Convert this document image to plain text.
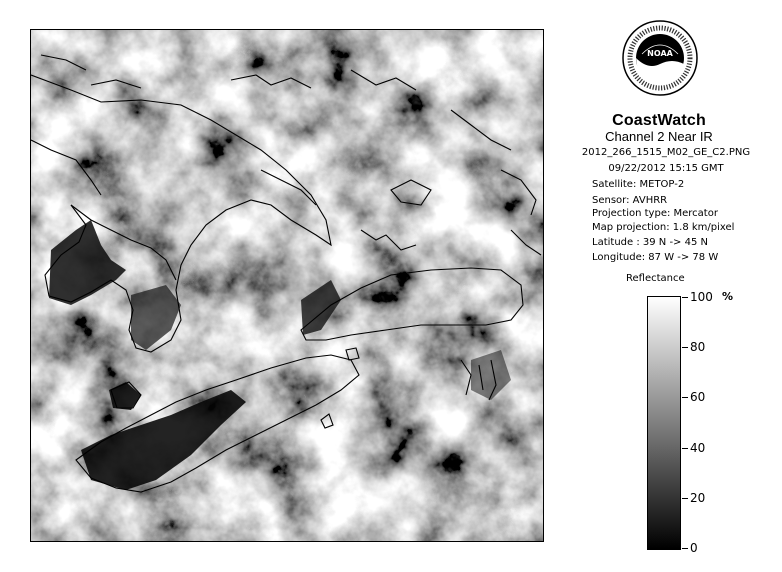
NOAA
CoastWatch
Channel 2 Near IR
2012_266_1515_M02_GE_C2.PNG
09/22/2012 15:15 GMT
Satellite: METOP-2
Sensor: AVHRR
Projection type: Mercator
Map projection: 1.8 km/pixel
Latitude : 39 N -> 45 N
Longitude: 87 W -> 78 W
Reflectance
%
100
80
60
40
20
0
